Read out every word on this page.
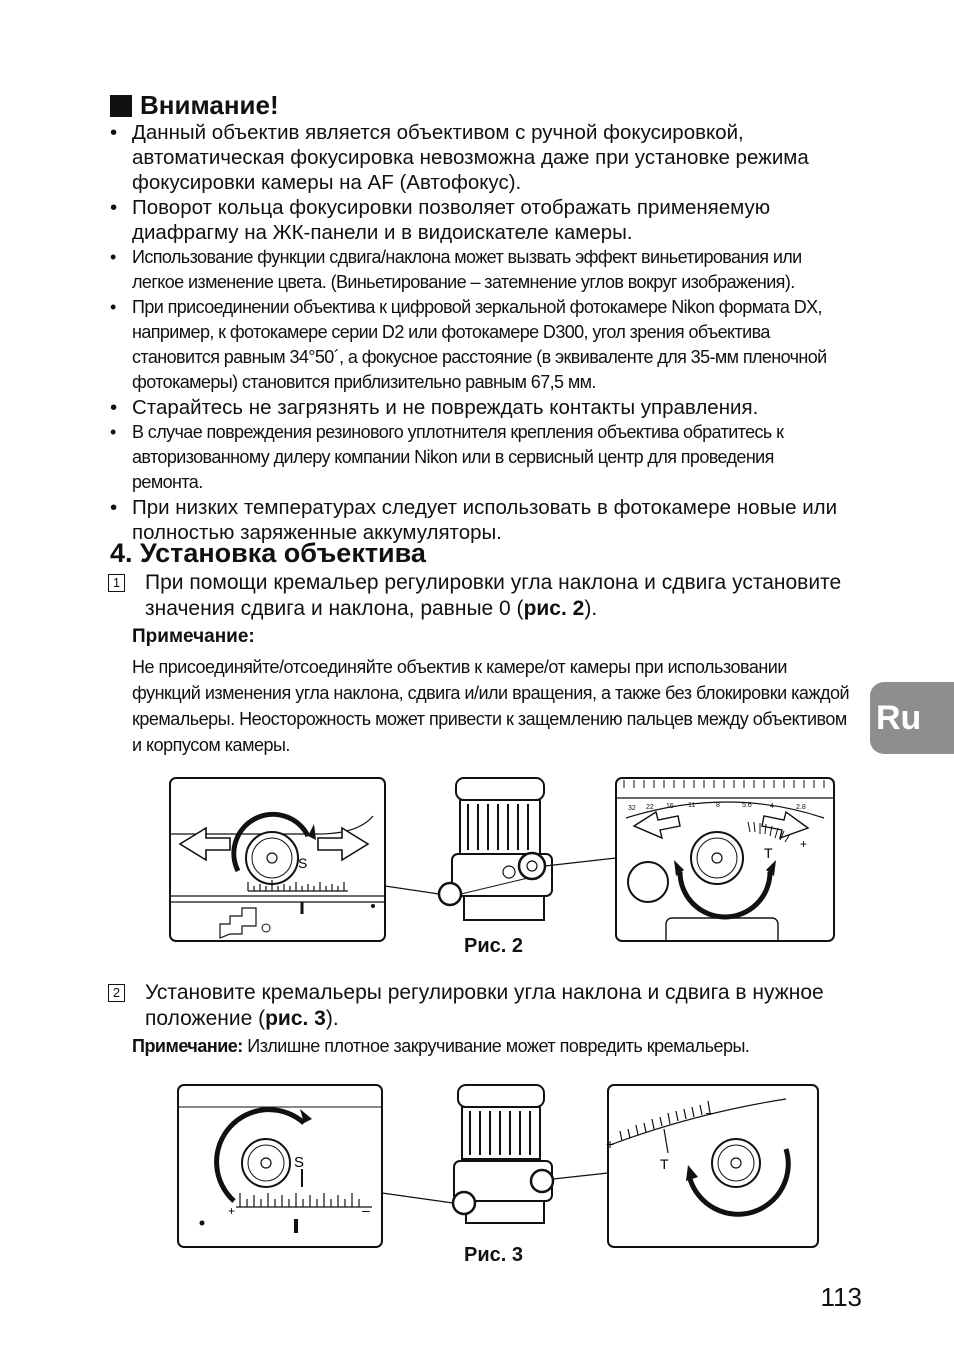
Внимание!

• Данный объектив является объективом с ручной фокусировкой, автоматическая фокусировка невозможна даже при установке режима фокусировки камеры на AF (Автофокус).

• Поворот кольца фокусировки позволяет отображать применяемую диафрагму на ЖК-панели и в видоискателе камеры.

• Использование функции сдвига/наклона может вызвать эффект виньетирования или легкое изменение цвета. (Виньетирование – затемнение углов вокруг изображения).

• При присоединении объектива к цифровой зеркальной фотокамере Nikon формата DX, например, к фотокамере серии D2 или фотокамере D300, угол зрения объектива становится равным 34°50´, а фокусное расстояние (в эквиваленте для 35-мм пленочной фотокамеры) становится приблизительно равным 67,5 мм.

• Старайтесь не загрязнять и не повреждать контакты управления.

• В случае повреждения резинового уплотнителя крепления объектива обратитесь к авторизованному дилеру компании Nikon или в сервисный центр для проведения ремонта.

• При низких температурах следует использовать в фотокамере новые или полностью заряженные аккумуляторы.

4. Установка объектива
1	При помощи кремальер регулировки угла наклона и сдвига установите значения сдвига и наклона, равные 0 (рис. 2).
Примечание:
Не присоединяйте/отсоединяйте объектив к камере/от камеры при использовании функций изменения угла наклона, сдвига и/или вращения, а также без блокировки каждой кремальеры. Неосторожность может привести к защемлению пальцев между объективом и корпусом камеры.
S
32 22 16 11	8	5.6	4	2.8
+
T
Рис. 2
2	Установите кремальеры регулировки угла наклона и сдвига в нужное положение (рис. 3).
Примечание: Излишне плотное закручивание может повредить кремальеры.
S
+	–
+
–
T
Рис. 3
Ru
113
